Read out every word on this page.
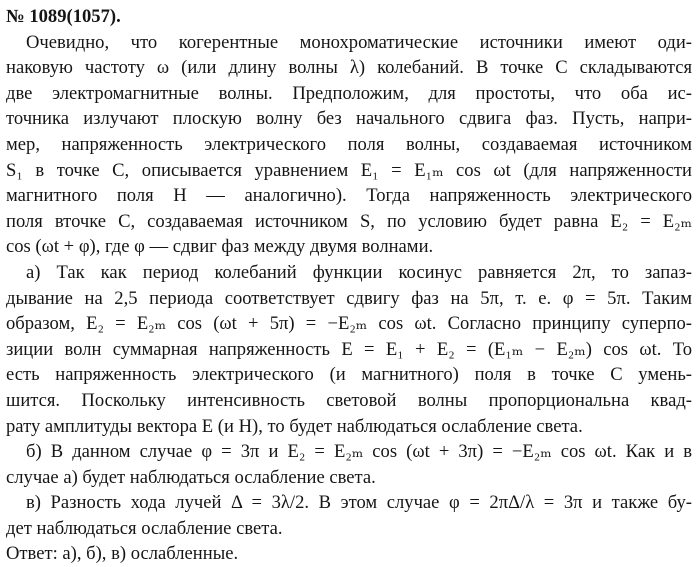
№ 1089(1057).

Очевидно, что когерентные монохроматические источники имеют оди-
наковую частоту ω (или длину волны λ) колебаний. В точке C складываются
две электромагнитные волны. Предположим, для простоты, что оба ис-
точника излучают плоскую волну без начального сдвига фаз. Пусть, напри-
мер, напряженность электрического поля волны, создаваемая источником
S₁ в точке C, описывается уравнением E₁ = E₁ₘ cos ωt (для напряженности
магнитного поля H — аналогично). Тогда напряженность электрического
поля вточке C, создаваемая источником S, по условию будет равна E₂ = E₂ₘ
cos (ωt + φ), где φ — сдвиг фаз между двумя волнами.

а) Так как период колебаний функции косинус равняется 2π, то запаз-
дывание на 2,5 периода соответствует сдвигу фаз на 5π, т. е. φ = 5π. Таким
образом, E₂ = E₂ₘ cos (ωt + 5π) = −E₂ₘ cos ωt. Согласно принципу суперпо-
зиции волн суммарная напряженность E = E₁ + E₂ = (E₁ₘ − E₂ₘ) cos ωt. То
есть напряженность электрического (и магнитного) поля в точке C умень-
шится. Поскольку интенсивность световой волны пропорциональна квад-
рату амплитуды вектора E (и H), то будет наблюдаться ослабление света.

б) В данном случае φ = 3π и E₂ = E₂ₘ cos (ωt + 3π) = −E₂ₘ cos ωt. Как и в
случае а) будет наблюдаться ослабление света.

в) Разность хода лучей Δ = 3λ/2. В этом случае φ = 2πΔ/λ = 3π и также бу-
дет наблюдаться ослабление света.

Ответ: а), б), в) ослабленные.
